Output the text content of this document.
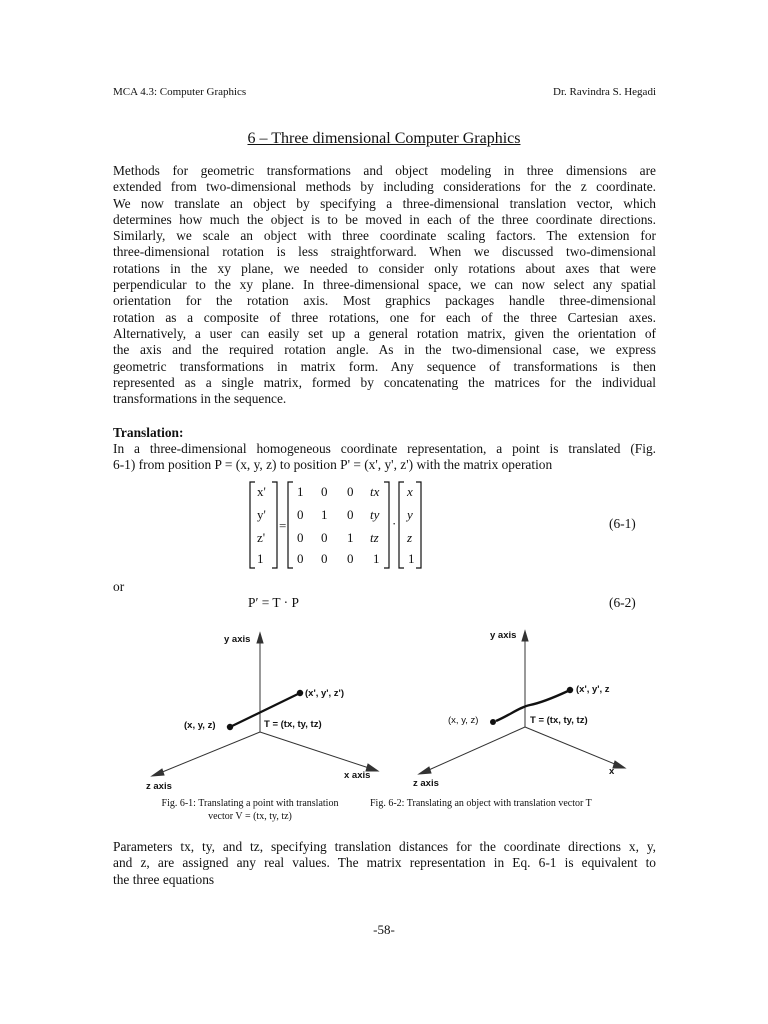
MCA 4.3: Computer Graphics	Dr. Ravindra S. Hegadi
6 – Three dimensional Computer Graphics
Methods for geometric transformations and object modeling in three dimensions are
extended from two-dimensional methods by including considerations for the z coordinate.
We now translate an object by specifying a three-dimensional translation vector, which
determines how much the object is to be moved in each of the three coordinate directions.
Similarly, we scale an object with three coordinate scaling factors. The extension for
three-dimensional rotation is less straightforward. When we discussed two-dimensional
rotations in the xy plane, we needed to consider only rotations about axes that were
perpendicular to the xy plane. In three-dimensional space, we can now select any spatial
orientation for the rotation axis. Most graphics packages handle three-dimensional
rotation as a composite of three rotations, one for each of the three Cartesian axes.
Alternatively, a user can easily set up a general rotation matrix, given the orientation of
the axis and the required rotation angle. As in the two-dimensional case, we express
geometric transformations in matrix form. Any sequence of transformations is then
represented as a single matrix, formed by concatenating the matrices for the individual
transformations in the sequence.
Translation:
In a three-dimensional homogeneous coordinate representation, a point is translated (Fig.
6-1) from position P = (x, y, z) to position P' = (x', y', z') with the matrix operation
x'
y'
z'
1
=
1 0 0 tx
0 1 0 ty
0 0 1 tz
0 0 0 1
·
x
y
z
1
(6-1)
or
P′ = T · P	(6-2)
y axis
(x', y', z')
(x, y, z)	T = (tx, ty, tz)
x axis
z axis
Fig. 6-1: Translating a point with translation
vector V = (tx, ty, tz)
y axis
(x', y', z
(x, y, z)	T = (tx, ty, tz)
x
z axis
Fig. 6-2: Translating an object with translation vector T
Parameters tx, ty, and tz, specifying translation distances for the coordinate directions x, y,
and z, are assigned any real values. The matrix representation in Eq. 6-1 is equivalent to
the three equations
-58-
